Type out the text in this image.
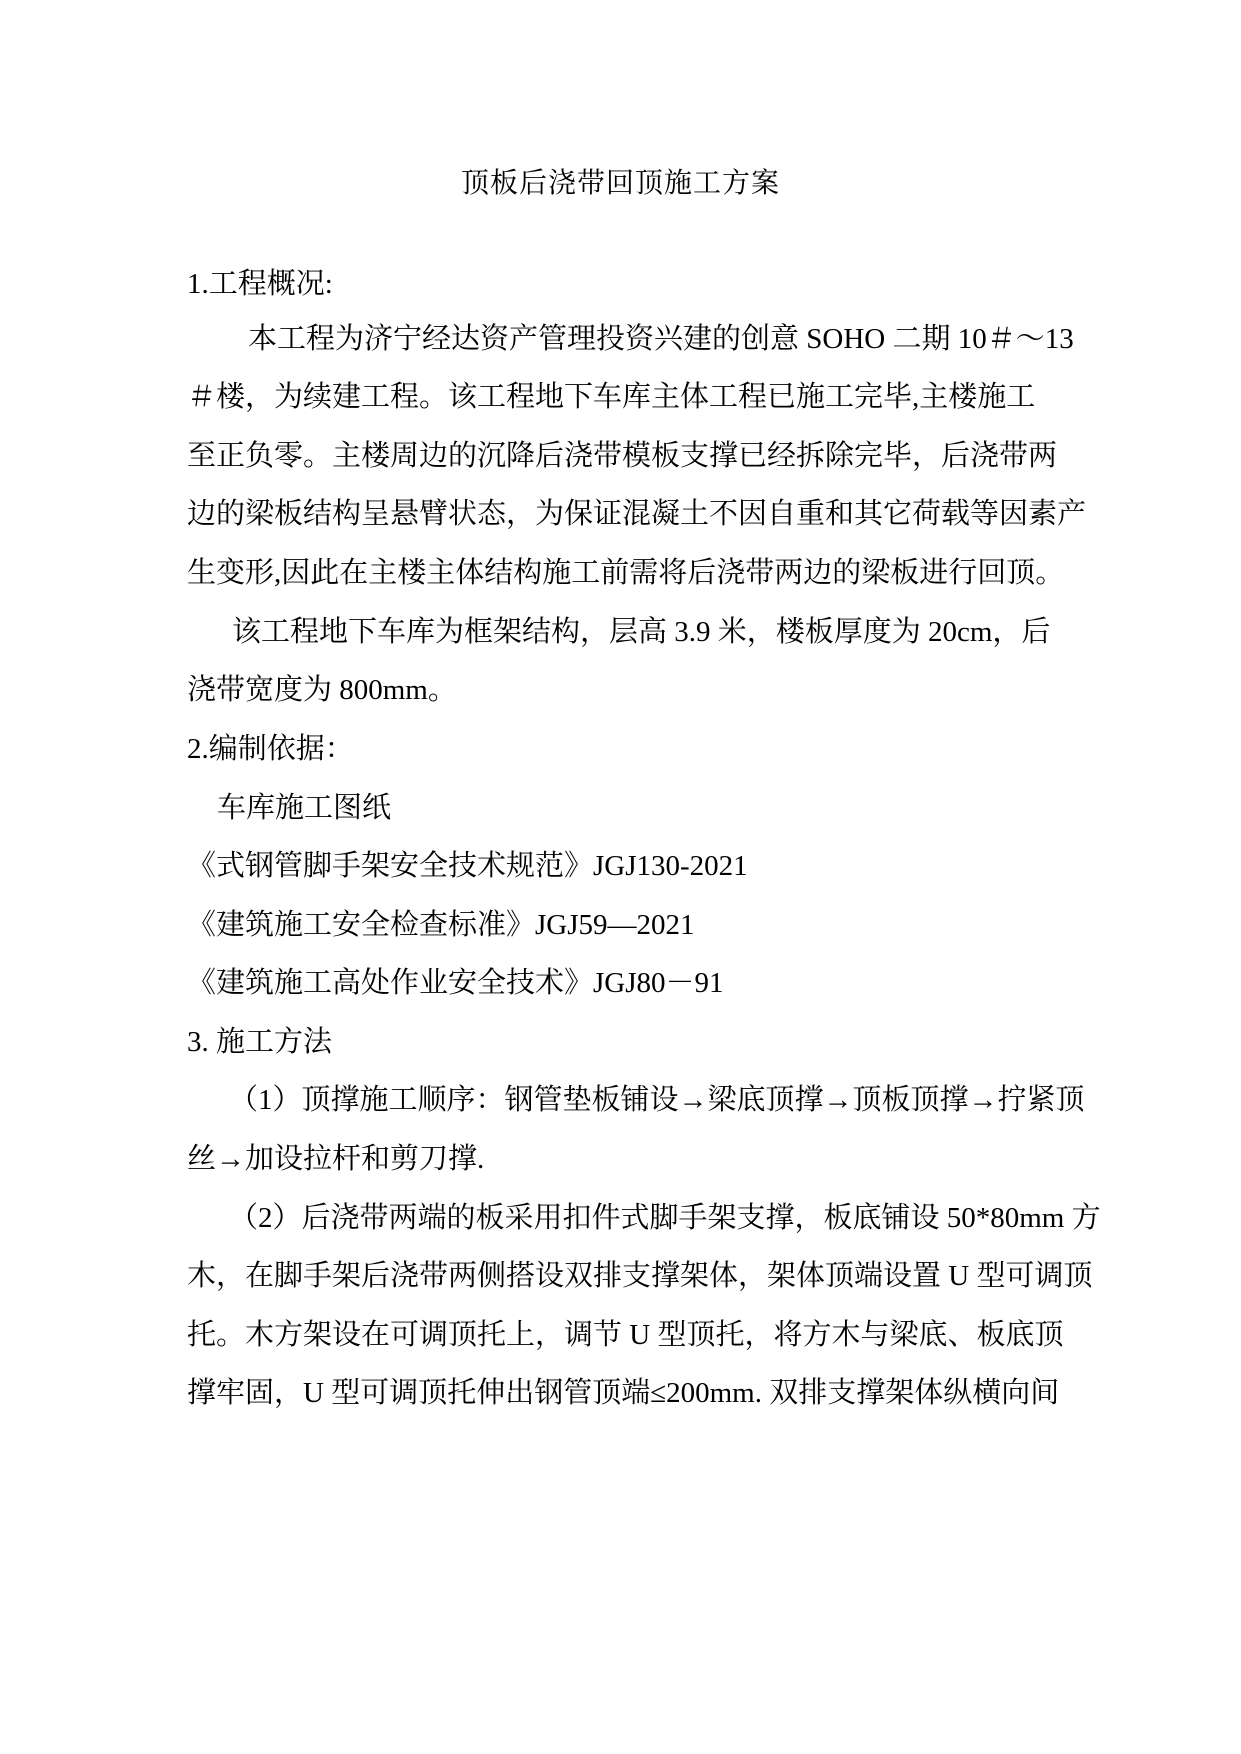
顶板后浇带回顶施工方案
1.工程概况:
本工程为济宁经达资产管理投资兴建的创意 SOHO 二期 10＃～13
＃楼，为续建工程。该工程地下车库主体工程已施工完毕,主楼施工
至正负零。主楼周边的沉降后浇带模板支撑已经拆除完毕，后浇带两
边的梁板结构呈悬臂状态，为保证混凝土不因自重和其它荷载等因素产
生变形,因此在主楼主体结构施工前需将后浇带两边的梁板进行回顶。
该工程地下车库为框架结构，层高 3.9 米，楼板厚度为 20cm，后
浇带宽度为 800mm。
2.编制依据：
车库施工图纸
《式钢管脚手架安全技术规范》JGJ130-2021
《建筑施工安全检查标准》JGJ59—2021
《建筑施工高处作业安全技术》JGJ80－91
3. 施工方法
（1）顶撑施工顺序：钢管垫板铺设→梁底顶撑→顶板顶撑→拧紧顶
丝→加设拉杆和剪刀撑.
（2）后浇带两端的板采用扣件式脚手架支撑，板底铺设 50*80mm 方
木，在脚手架后浇带两侧搭设双排支撑架体，架体顶端设置 U 型可调顶
托。木方架设在可调顶托上，调节 U 型顶托，将方木与梁底、板底顶
撑牢固，U 型可调顶托伸出钢管顶端≤200mm. 双排支撑架体纵横向间
